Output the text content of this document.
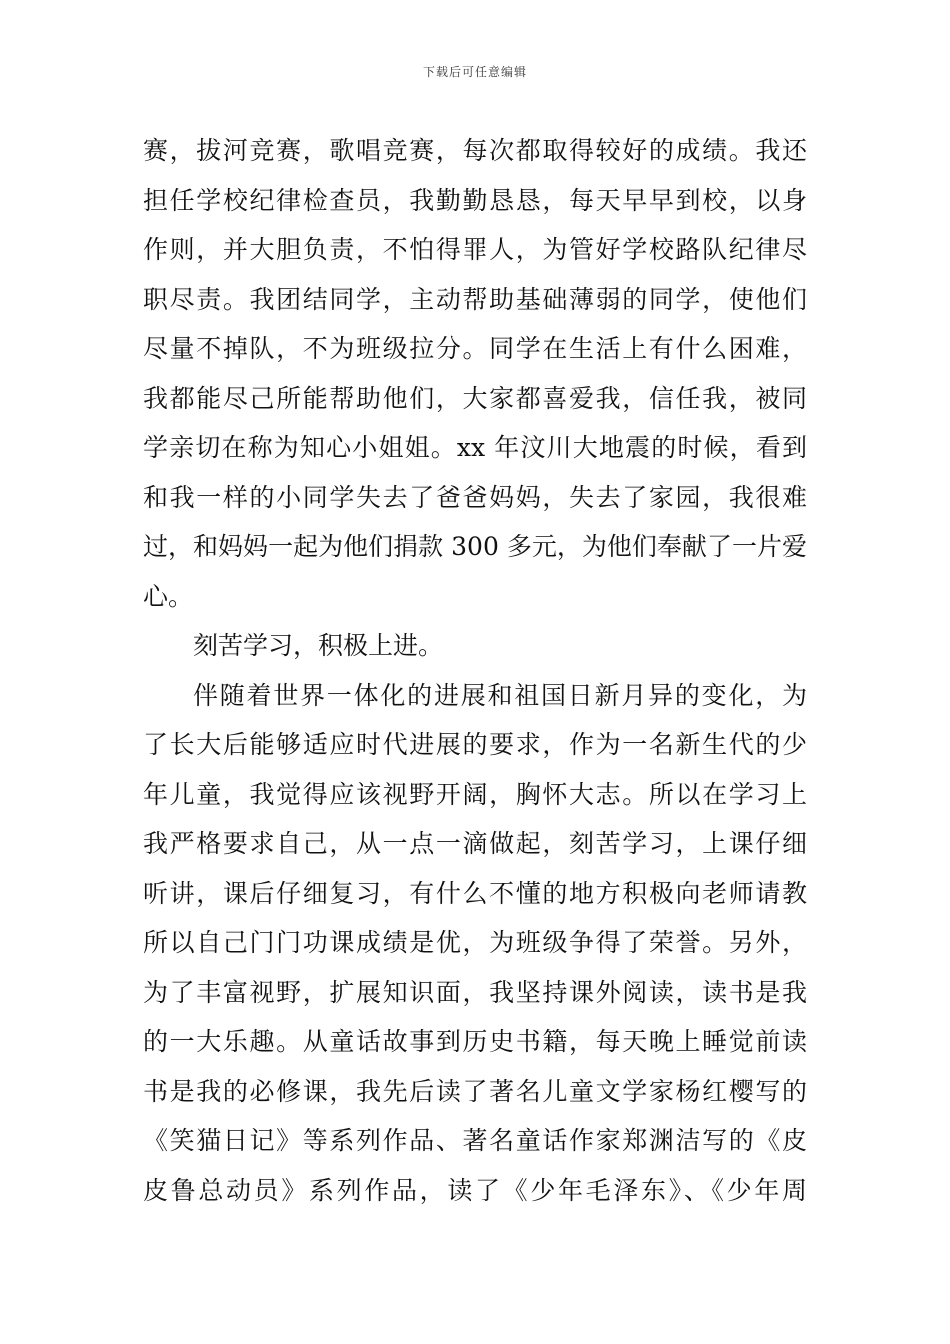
下载后可任意编辑
赛，拔河竞赛，歌唱竞赛，每次都取得较好的成绩。我还
担任学校纪律检查员，我勤勤恳恳，每天早早到校，以身
作则，并大胆负责，不怕得罪人，为管好学校路队纪律尽
职尽责。我团结同学，主动帮助基础薄弱的同学，使他们
尽量不掉队，不为班级拉分。同学在生活上有什么困难，
我都能尽己所能帮助他们，大家都喜爱我，信任我，被同
学亲切在称为知心小姐姐。xx 年汶川大地震的时候，看到
和我一样的小同学失去了爸爸妈妈，失去了家园，我很难
过，和妈妈一起为他们捐款 300 多元，为他们奉献了一片爱
心。
刻苦学习，积极上进。
伴随着世界一体化的进展和祖国日新月异的变化，为
了长大后能够适应时代进展的要求，作为一名新生代的少
年儿童，我觉得应该视野开阔，胸怀大志。所以在学习上
我严格要求自己，从一点一滴做起，刻苦学习，上课仔细
听讲，课后仔细复习，有什么不懂的地方积极向老师请教
所以自己门门功课成绩是优，为班级争得了荣誉。另外，
为了丰富视野，扩展知识面，我坚持课外阅读，读书是我
的一大乐趣。从童话故事到历史书籍，每天晚上睡觉前读
书是我的必修课，我先后读了著名儿童文学家杨红樱写的
《笑猫日记》等系列作品、著名童话作家郑渊洁写的《皮
皮鲁总动员》系列作品，读了《少年毛泽东》、《少年周
